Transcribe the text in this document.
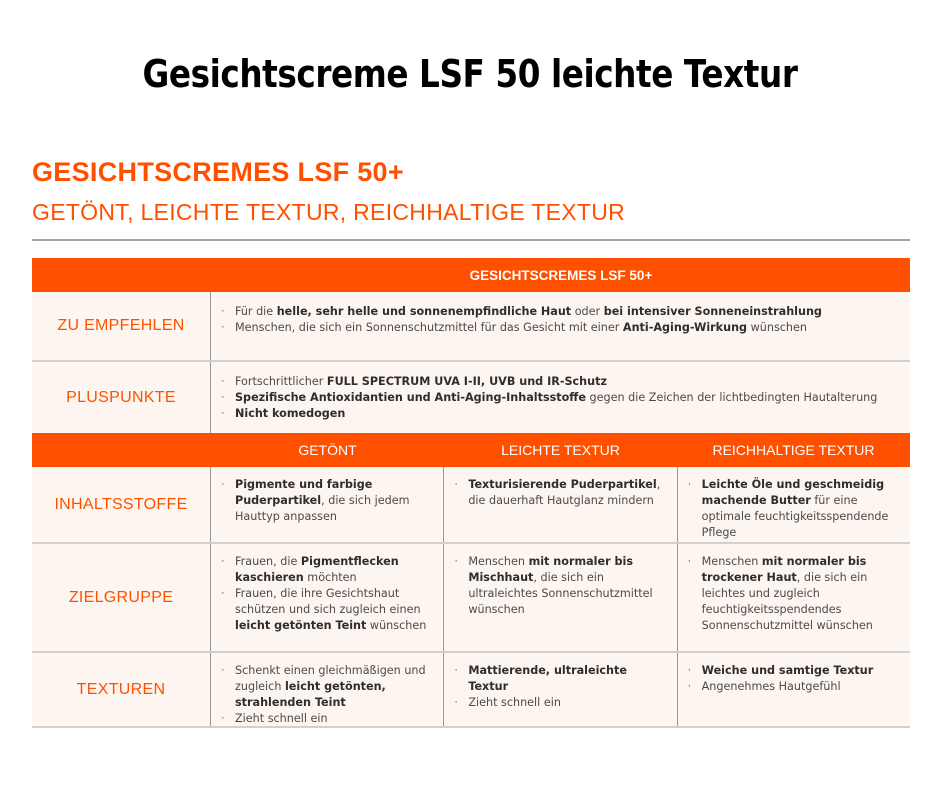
Gesichtscreme LSF 50 leichte Textur
GESICHTSCREMES LSF 50+
GETÖNT, LEICHTE TEXTUR, REICHHALTIGE TEXTUR
GESICHTSCREMES LSF 50+
ZU EMPFEHLEN
· Für die helle, sehr helle und sonnenempfindliche Haut oder bei intensiver Sonneneinstrahlung
· Menschen, die sich ein Sonnenschutzmittel für das Gesicht mit einer Anti-Aging-Wirkung wünschen
PLUSPUNKTE
· Fortschrittlicher FULL SPECTRUM UVA I-II, UVB und IR-Schutz
· Spezifische Antioxidantien und Anti-Aging-Inhaltsstoffe gegen die Zeichen der lichtbedingten Hautalterung
· Nicht komedogen
GETÖNT	LEICHTE TEXTUR	REICHHALTIGE TEXTUR
INHALTSSTOFFE
· Pigmente und farbige Puderpartikel, die sich jedem Hauttyp anpassen
· Texturisierende Puderpartikel, die dauerhaft Hautglanz mindern
· Leichte Öle und geschmeidig machende Butter für eine optimale feuchtigkeitsspendende Pflege
ZIELGRUPPE
· Frauen, die Pigmentflecken kaschieren möchten
· Frauen, die ihre Gesichtshaut schützen und sich zugleich einen leicht getönten Teint wünschen
· Menschen mit normaler bis Mischhaut, die sich ein ultraleichtes Sonnenschutzmittel wünschen
· Menschen mit normaler bis trockener Haut, die sich ein leichtes und zugleich feuchtigkeitsspendendes Sonnenschutzmittel wünschen
TEXTUREN
· Schenkt einen gleichmäßigen und zugleich leicht getönten, strahlenden Teint
· Zieht schnell ein
· Mattierende, ultraleichte Textur
· Zieht schnell ein
· Weiche und samtige Textur
· Angenehmes Hautgefühl
